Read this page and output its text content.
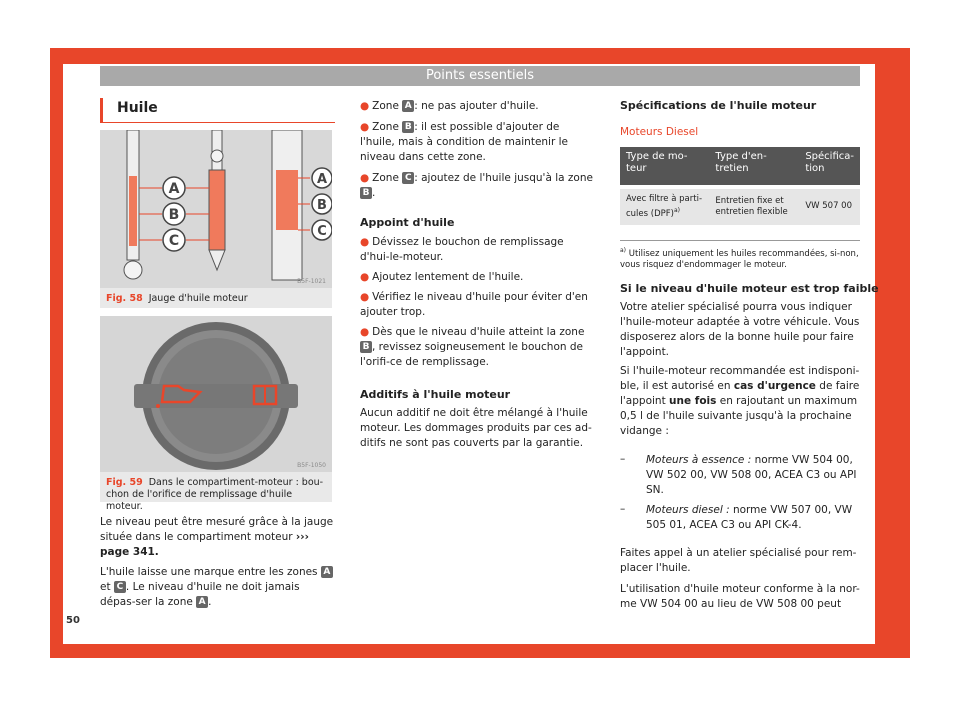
Points essentiels
Huile
A
B
C
A
B
C
B5F-1021
Fig. 58 Jauge d'huile moteur
B5F-1050
Fig. 59 Dans le compartiment-moteur : bou-chon de l'orifice de remplissage d'huile moteur.
Le niveau peut être mesuré grâce à la jauge située dans le compartiment moteur ››› page 341.
L'huile laisse une marque entre les zones A et C . Le niveau d'huile ne doit jamais dépas-ser la zone A .
50
● Zone A : ne pas ajouter d'huile.
● Zone B : il est possible d'ajouter de l'huile, mais à condition de maintenir le niveau dans cette zone.
● Zone C : ajoutez de l'huile jusqu'à la zone B .
Appoint d'huile
● Dévissez le bouchon de remplissage d'hui-le-moteur.
● Ajoutez lentement de l'huile.
● Vérifiez le niveau d'huile pour éviter d'en ajouter trop.
● Dès que le niveau d'huile atteint la zone B , revissez soigneusement le bouchon de l'orifi-ce de remplissage.
Additifs à l'huile moteur
Aucun additif ne doit être mélangé à l'huile moteur. Les dommages produits par ces ad-ditifs ne sont pas couverts par la garantie.
Spécifications de l'huile moteur
Moteurs Diesel
Type de mo-teur	Type d'en-tretien	Spécifica-tion
Avec filtre à parti-cules (DPF)$^{a)}$	Entretien fixe et entretien flexible	VW 507 00
$^{a)}$ Utilisez uniquement les huiles recommandées, si-non, vous risquez d'endommager le moteur.
Si le niveau d'huile moteur est trop faible
Votre atelier spécialisé pourra vous indiquer l'huile-moteur adaptée à votre véhicule. Vous disposerez alors de la bonne huile pour faire l'appoint.
Si l'huile-moteur recommandée est indisponi-ble, il est autorisé en cas d'urgence de faire l'appoint une fois en rajoutant un maximum 0,5 l de l'huile suivante jusqu'à la prochaine vidange :
– Moteurs à essence : norme VW 504 00, VW 502 00, VW 508 00, ACEA C3 ou API SN.
– Moteurs diesel : norme VW 507 00, VW 505 01, ACEA C3 ou API CK-4.
Faites appel à un atelier spécialisé pour rem-placer l'huile.
L'utilisation d'huile moteur conforme à la nor-me VW 504 00 au lieu de VW 508 00 peut
